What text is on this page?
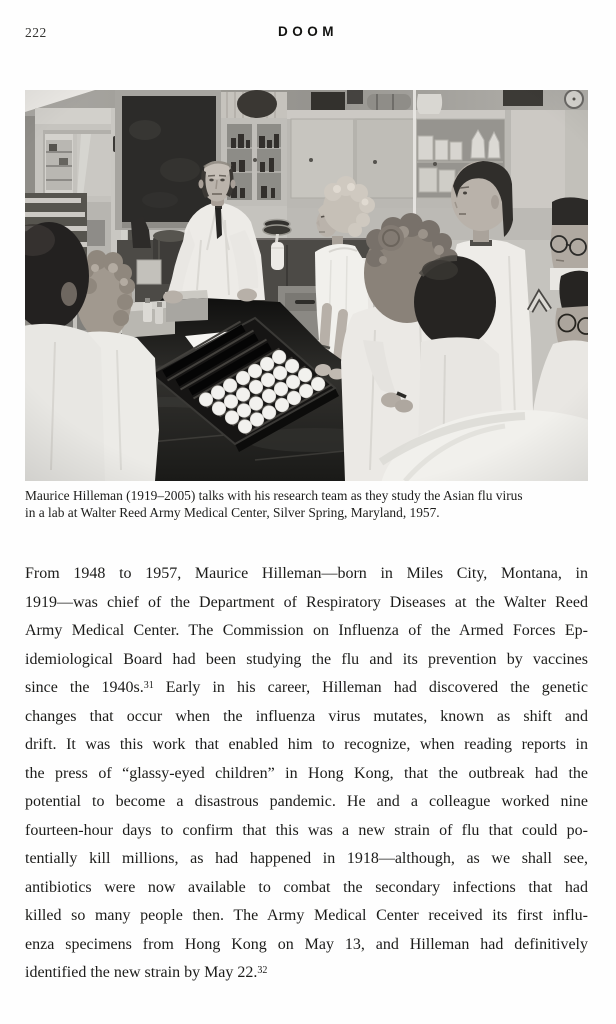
222	DOOM
Maurice Hilleman (1919–2005) talks with his research team as they study the Asian flu virus
in a lab at Walter Reed Army Medical Center, Silver Spring, Maryland, 1957.
From 1948 to 1957, Maurice Hilleman—born in Miles City, Montana, in
1919—was chief of the Department of Respiratory Diseases at the Walter Reed
Army Medical Center. The Commission on Influenza of the Armed Forces Ep-
idemiological Board had been studying the flu and its prevention by vaccines
since the 1940s.$^{31}$ Early in his career, Hilleman had discovered the genetic
changes that occur when the influenza virus mutates, known as shift and
drift. It was this work that enabled him to recognize, when reading reports in
the press of “glassy-eyed children” in Hong Kong, that the outbreak had the
potential to become a disastrous pandemic. He and a colleague worked nine
fourteen-hour days to confirm that this was a new strain of flu that could po-
tentially kill millions, as had happened in 1918—although, as we shall see,
antibiotics were now available to combat the secondary infections that had
killed so many people then. The Army Medical Center received its first influ-
enza specimens from Hong Kong on May 13, and Hilleman had definitively
identified the new strain by May 22.32
